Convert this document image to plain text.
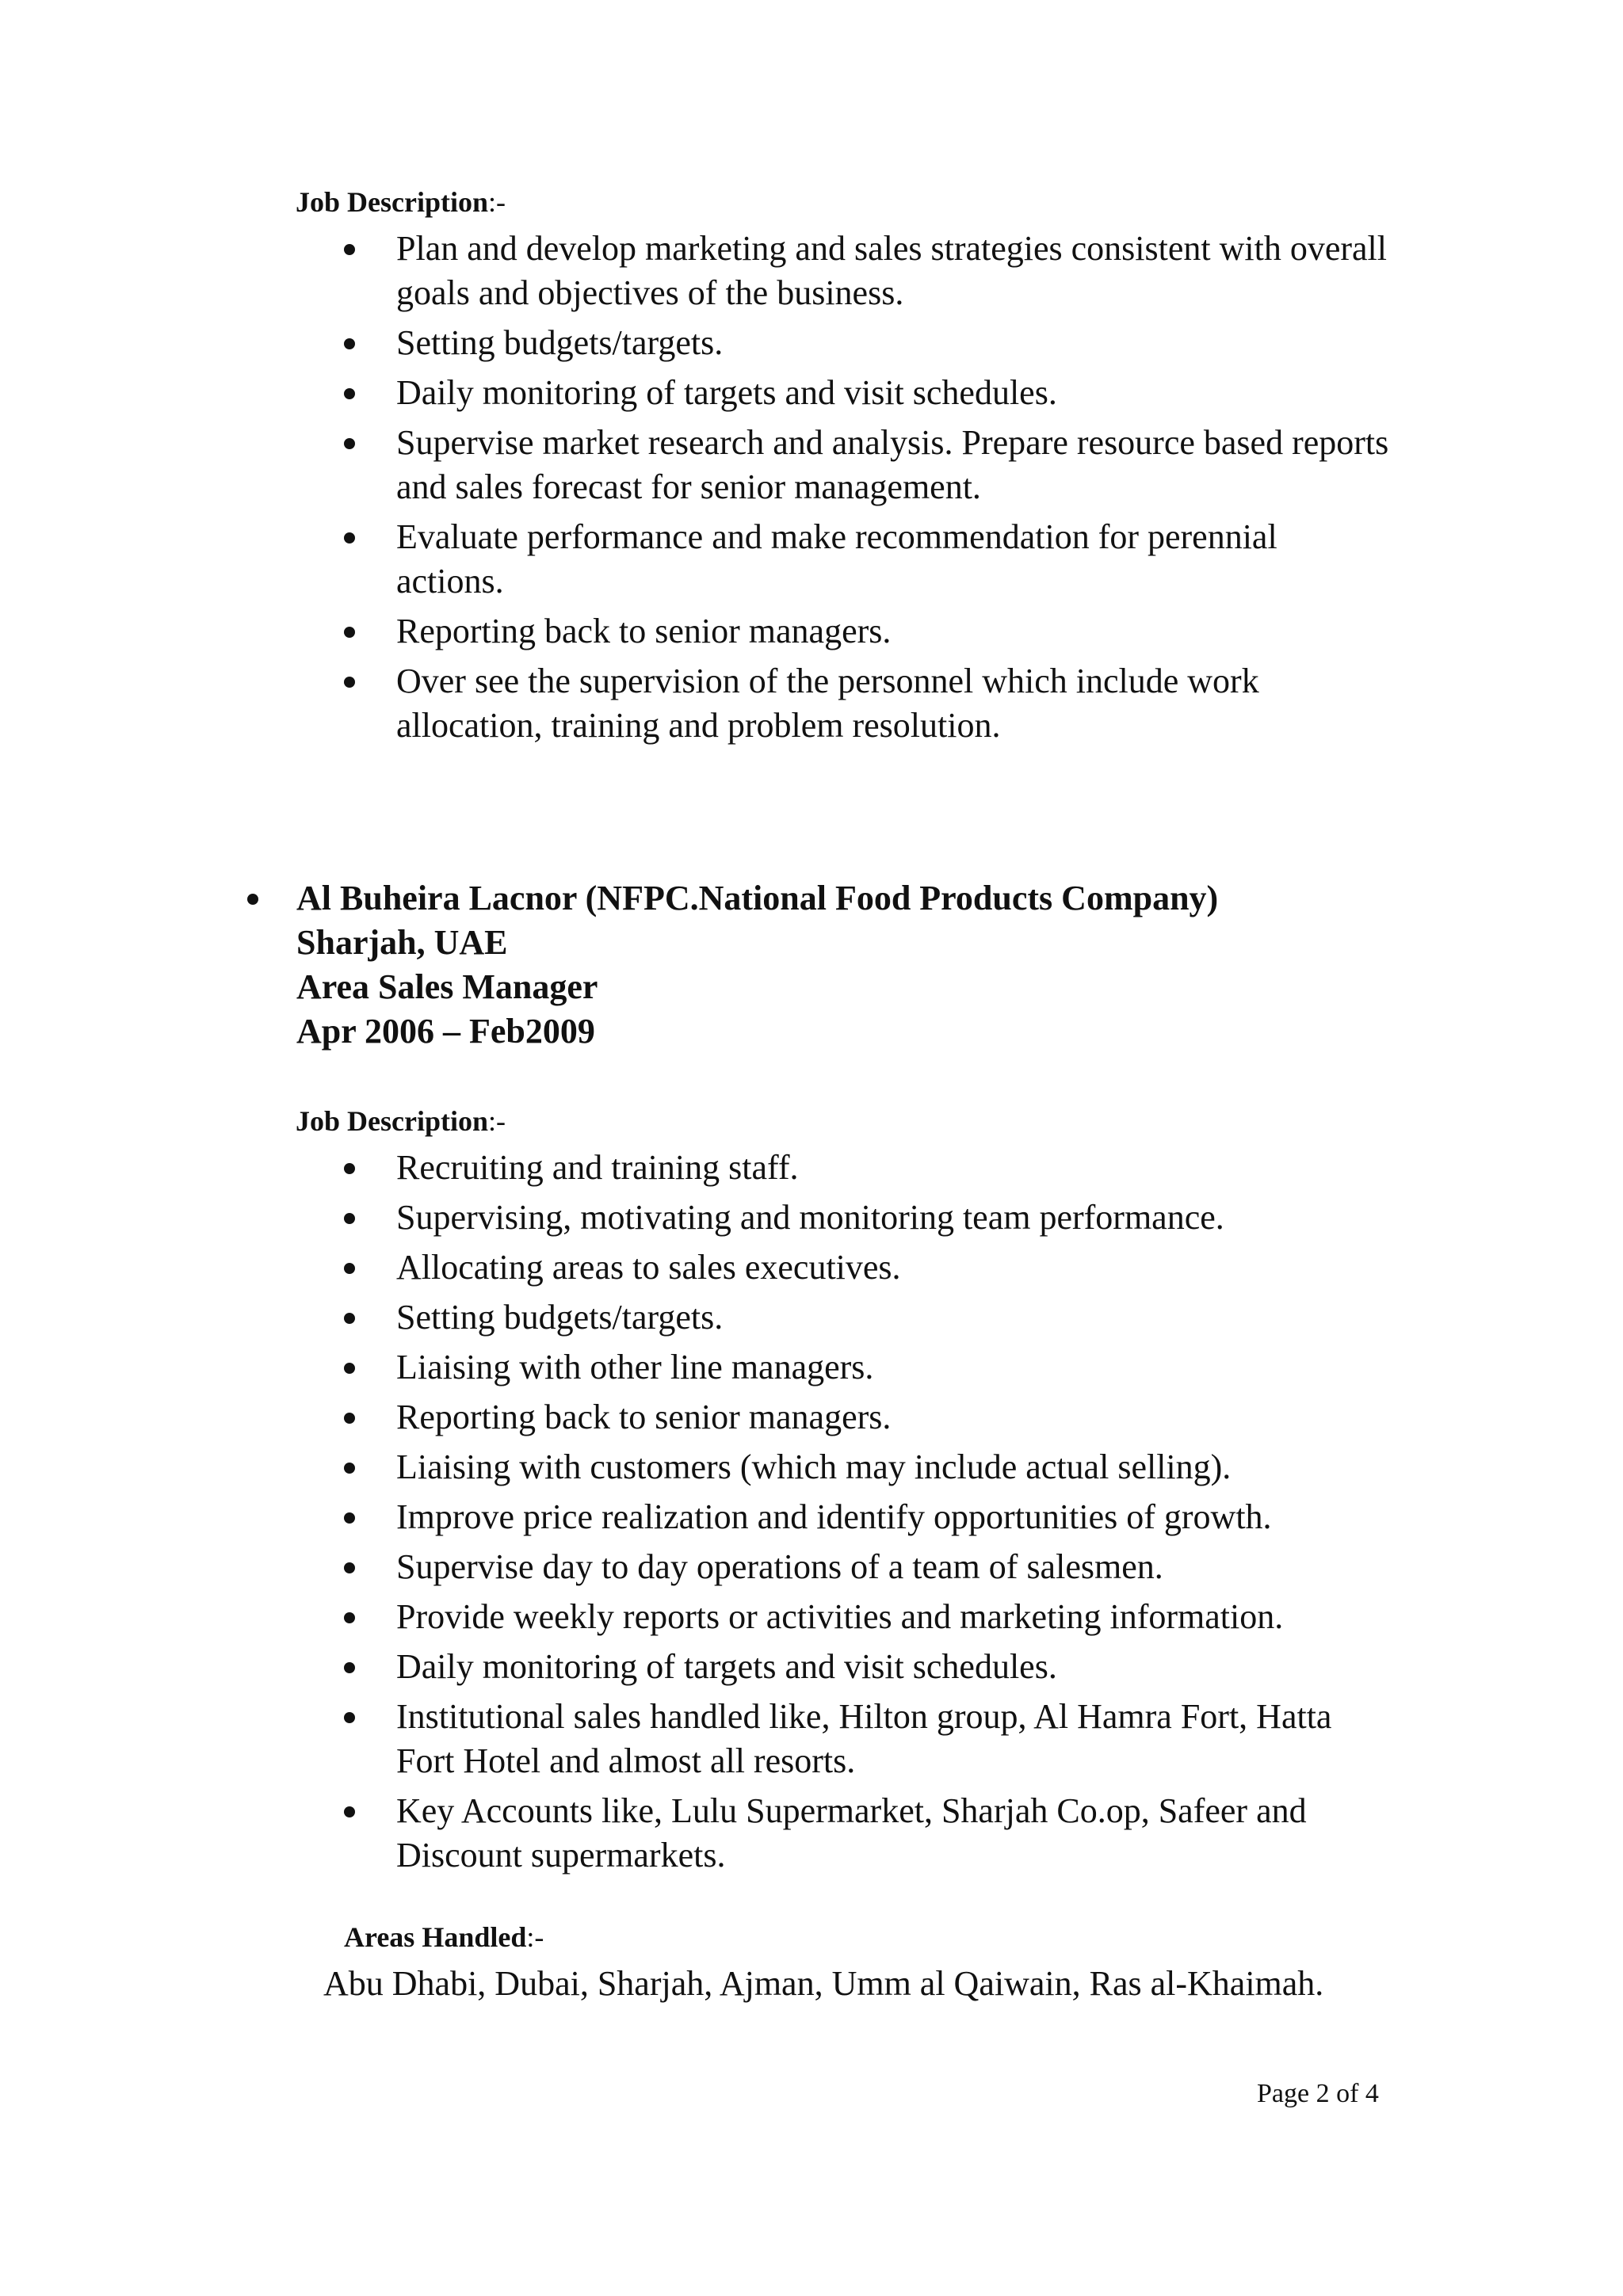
Job Description:-
Plan and develop marketing and sales strategies consistent with overall goals and objectives of the business.
Setting budgets/targets.
Daily monitoring of targets and visit schedules.
Supervise market research and analysis. Prepare resource based reports and sales forecast for senior management.
Evaluate performance and make recommendation for perennial actions.
Reporting back to senior managers.
Over see the supervision of the personnel which include work allocation, training and problem resolution.
Al Buheira Lacnor (NFPC.National Food Products Company)
Sharjah, UAE
Area Sales Manager
Apr 2006 – Feb2009
Job Description:-
Recruiting and training staff.
Supervising, motivating and monitoring team performance.
Allocating areas to sales executives.
Setting budgets/targets.
Liaising with other line managers.
Reporting back to senior managers.
Liaising with customers (which may include actual selling).
Improve price realization and identify opportunities of growth.
Supervise day to day operations of a team of salesmen.
Provide weekly reports or activities and marketing information.
Daily monitoring of targets and visit schedules.
Institutional sales handled like, Hilton group, Al Hamra Fort, Hatta Fort Hotel and almost all resorts.
Key Accounts like, Lulu Supermarket, Sharjah Co.op, Safeer and Discount supermarkets.
Areas Handled:-
Abu Dhabi, Dubai, Sharjah, Ajman, Umm al Qaiwain, Ras al-Khaimah.
Page 2 of 4
